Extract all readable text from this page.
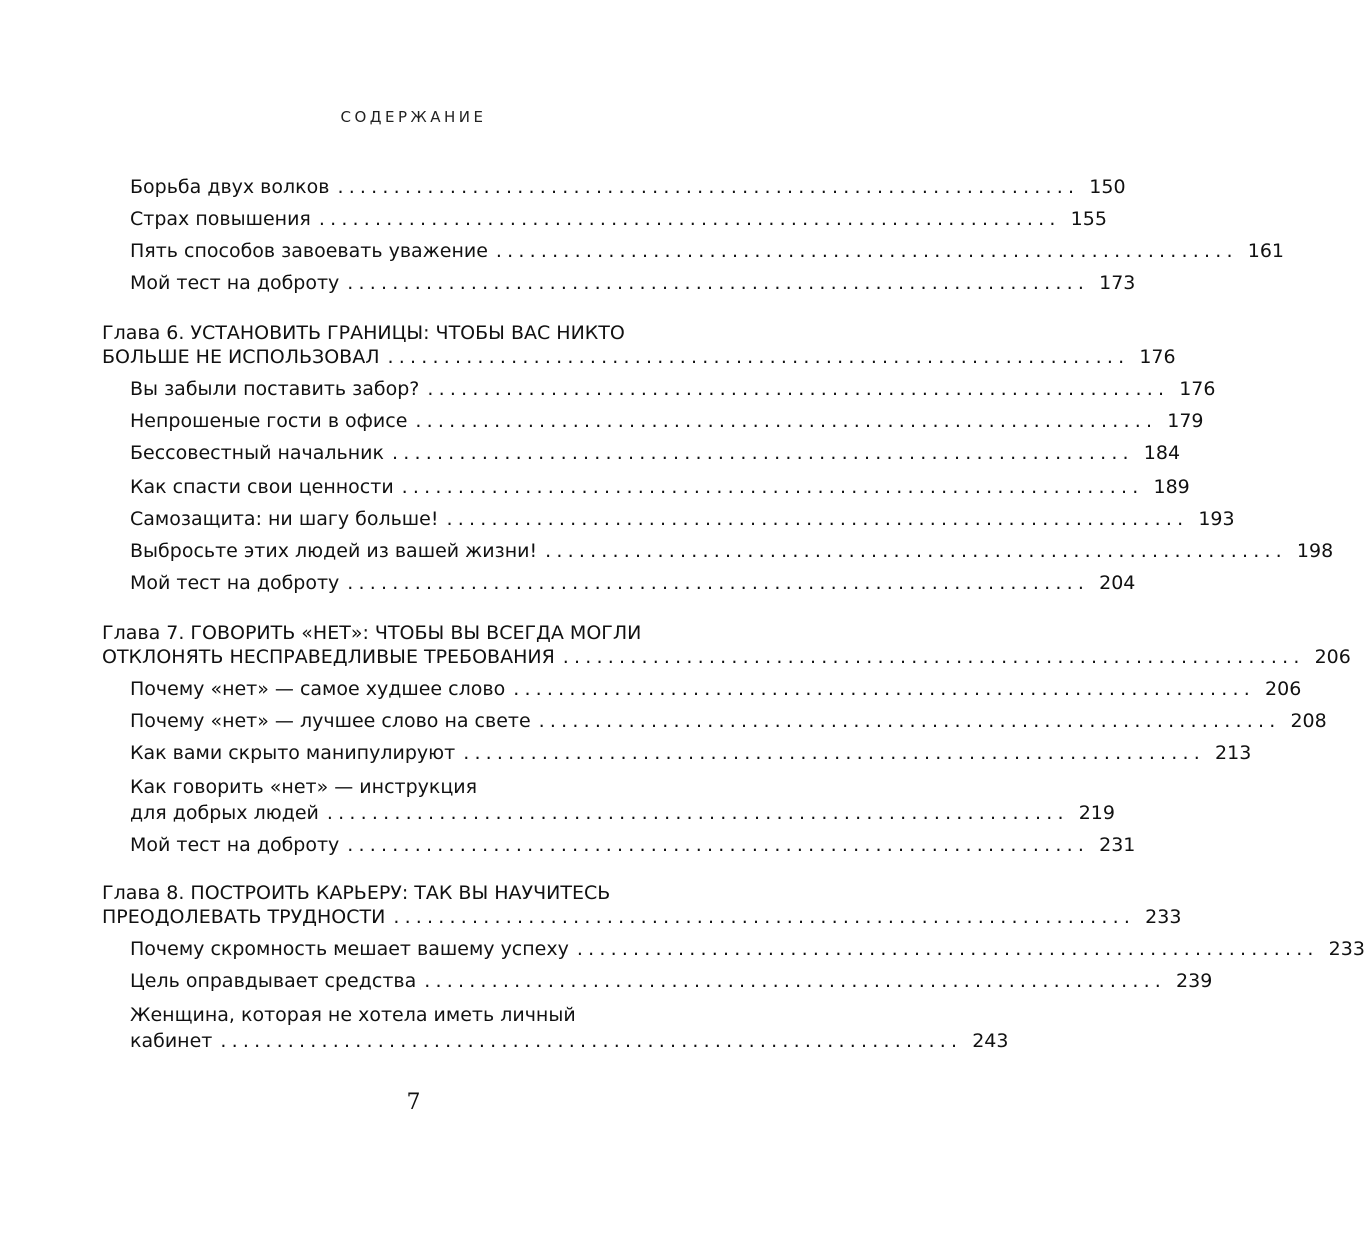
СОДЕРЖАНИЕ
Борьба двух волков .................................................................. 150
Страх повышения .................................................................. 155
Пять способов завоевать уважение .................................................................. 161
Мой тест на доброту .................................................................. 173
Глава 6. УСТАНОВИТЬ ГРАНИЦЫ: ЧТОБЫ ВАС НИКТО
БОЛЬШЕ НЕ ИСПОЛЬЗОВАЛ .................................................................. 176
Вы забыли поставить забор? .................................................................. 176
Непрошеные гости в офисе .................................................................. 179
Бессовестный начальник .................................................................. 184
Как спасти свои ценности .................................................................. 189
Самозащита: ни шагу больше! .................................................................. 193
Выбросьте этих людей из вашей жизни! .................................................................. 198
Мой тест на доброту .................................................................. 204
Глава 7. ГОВОРИТЬ «НЕТ»: ЧТОБЫ ВЫ ВСЕГДА МОГЛИ
ОТКЛОНЯТЬ НЕСПРАВЕДЛИВЫЕ ТРЕБОВАНИЯ .................................................................. 206
Почему «нет» — самое худшее слово .................................................................. 206
Почему «нет» — лучшее слово на свете .................................................................. 208
Как вами скрыто манипулируют .................................................................. 213
Как говорить «нет» — инструкция
для добрых людей .................................................................. 219
Мой тест на доброту .................................................................. 231
Глава 8. ПОСТРОИТЬ КАРЬЕРУ: ТАК ВЫ НАУЧИТЕСЬ
ПРЕОДОЛЕВАТЬ ТРУДНОСТИ .................................................................. 233
Почему скромность мешает вашему успеху .................................................................. 233
Цель оправдывает средства .................................................................. 239
Женщина, которая не хотела иметь личный
кабинет .................................................................. 243
7
